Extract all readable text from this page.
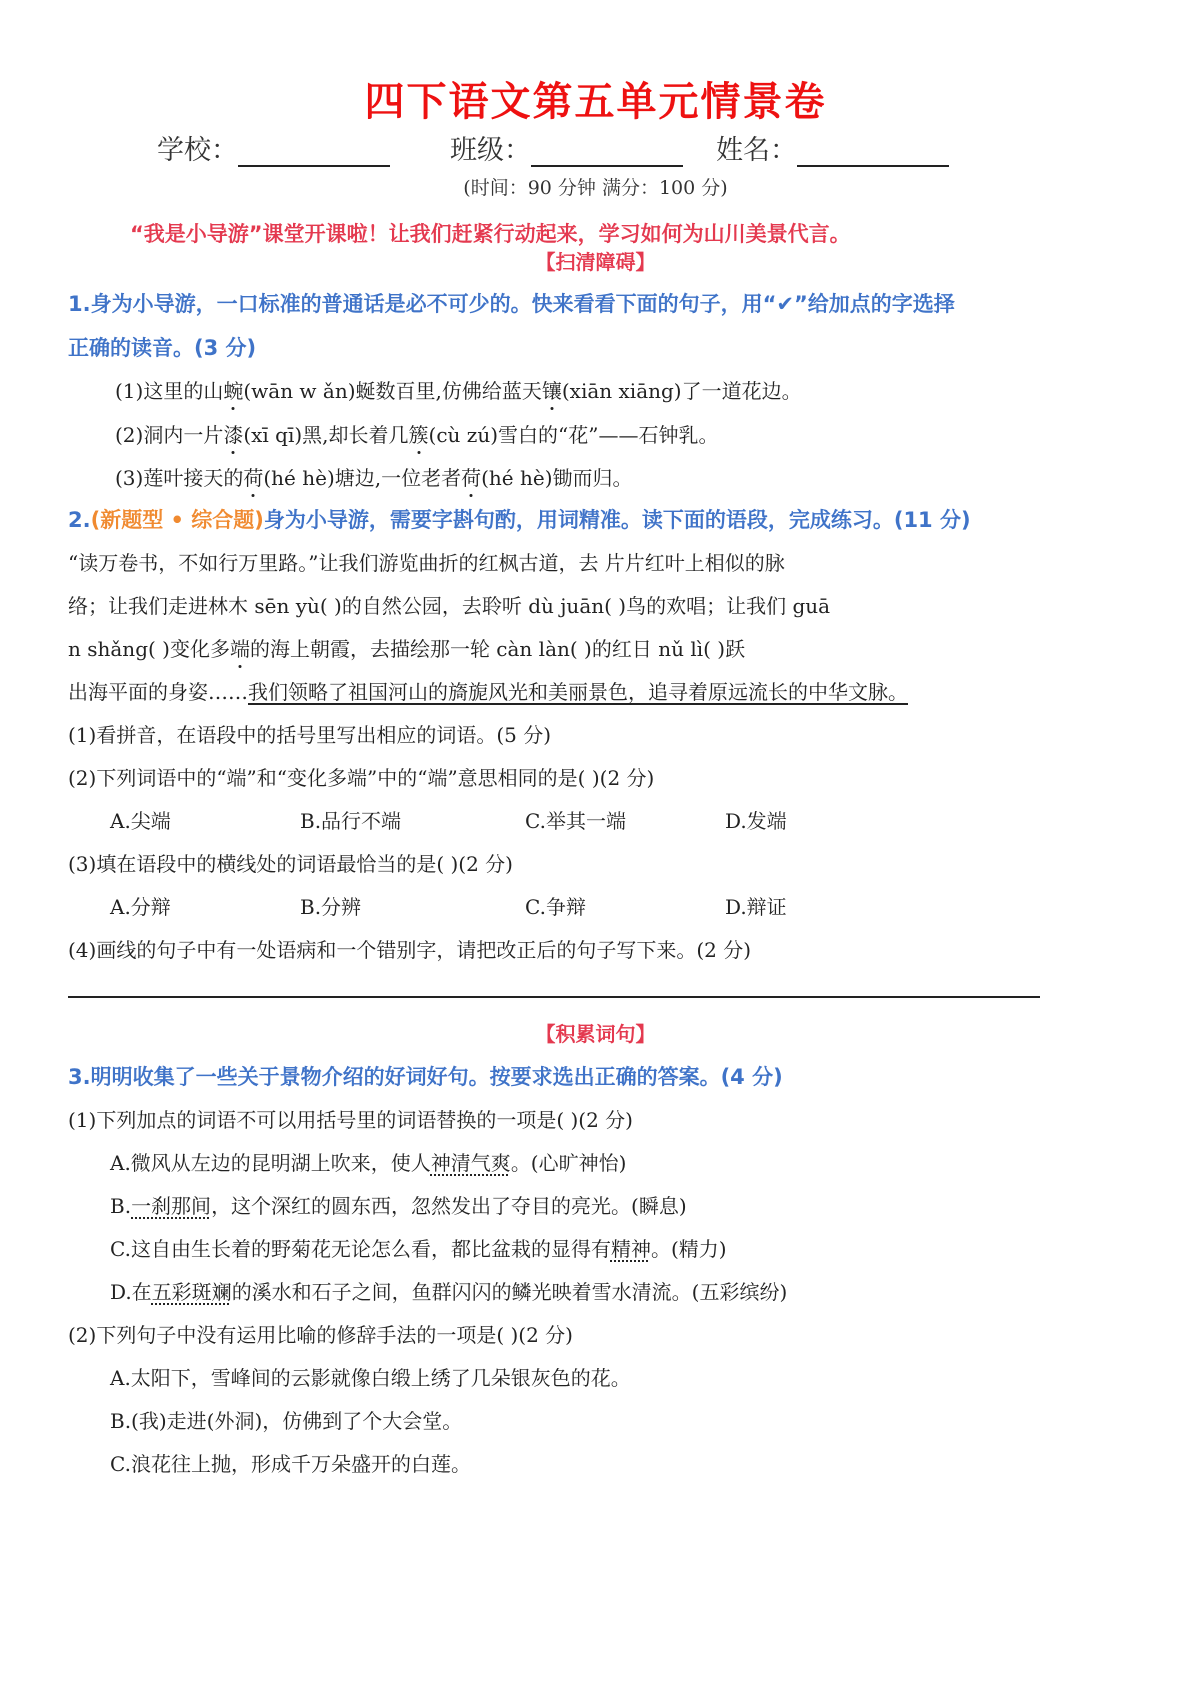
四下语文第五单元情景卷
学校：	班级：	姓名：
(时间：90 分钟 满分：100 分)
“我是小导游”课堂开课啦！让我们赶紧行动起来，学习如何为山川美景代言。
【扫清障碍】
1.身为小导游，一口标准的普通话是必不可少的。快来看看下面的句子，用“✔”给加点的字选择
正确的读音。(3 分)
(1)这里的山蜿(wān w ǎn)蜒数百里,仿佛给蓝天镶(xiān xiāng)了一道花边。
(2)洞内一片漆(xī qī)黑,却长着几簇(cù zú)雪白的“花”——石钟乳。
(3)莲叶接天的荷(hé hè)塘边,一位老者荷(hé hè)锄而归。
2.(新题型 • 综合题)身为小导游，需要字斟句酌，用词精准。读下面的语段，完成练习。(11 分)
“读万卷书，不如行万里路。”让我们游览曲折的红枫古道，去 片片红叶上相似的脉
络；让我们走进林木 sēn yù( )的自然公园，去聆听 dù juān( )鸟的欢唱；让我们 guā
n shǎng( )变化多端的海上朝霞，去描绘那一轮 càn làn( )的红日 nǔ lì( )跃
出海平面的身姿……我们领略了祖国河山的旖旎风光和美丽景色，追寻着原远流长的中华文脉。
(1)看拼音，在语段中的括号里写出相应的词语。(5 分)
(2)下列词语中的“端”和“变化多端”中的“端”意思相同的是( )(2 分)
A.尖端	B.品行不端	C.举其一端	D.发端
(3)填在语段中的横线处的词语最恰当的是( )(2 分)
A.分辩	B.分辨	C.争辩	D.辩证
(4)画线的句子中有一处语病和一个错别字，请把改正后的句子写下来。(2 分)
【积累词句】
3.明明收集了一些关于景物介绍的好词好句。按要求选出正确的答案。(4 分)
(1)下列加点的词语不可以用括号里的词语替换的一项是( )(2 分)
A.微风从左边的昆明湖上吹来，使人神清气爽。(心旷神怡)
B.一刹那间，这个深红的圆东西，忽然发出了夺目的亮光。(瞬息)
C.这自由生长着的野菊花无论怎么看，都比盆栽的显得有精神。(精力)
D.在五彩斑斓的溪水和石子之间，鱼群闪闪的鳞光映着雪水清流。(五彩缤纷)
(2)下列句子中没有运用比喻的修辞手法的一项是( )(2 分)
A.太阳下，雪峰间的云影就像白缎上绣了几朵银灰色的花。
B.(我)走进(外洞)，仿佛到了个大会堂。
C.浪花往上抛，形成千万朵盛开的白莲。
